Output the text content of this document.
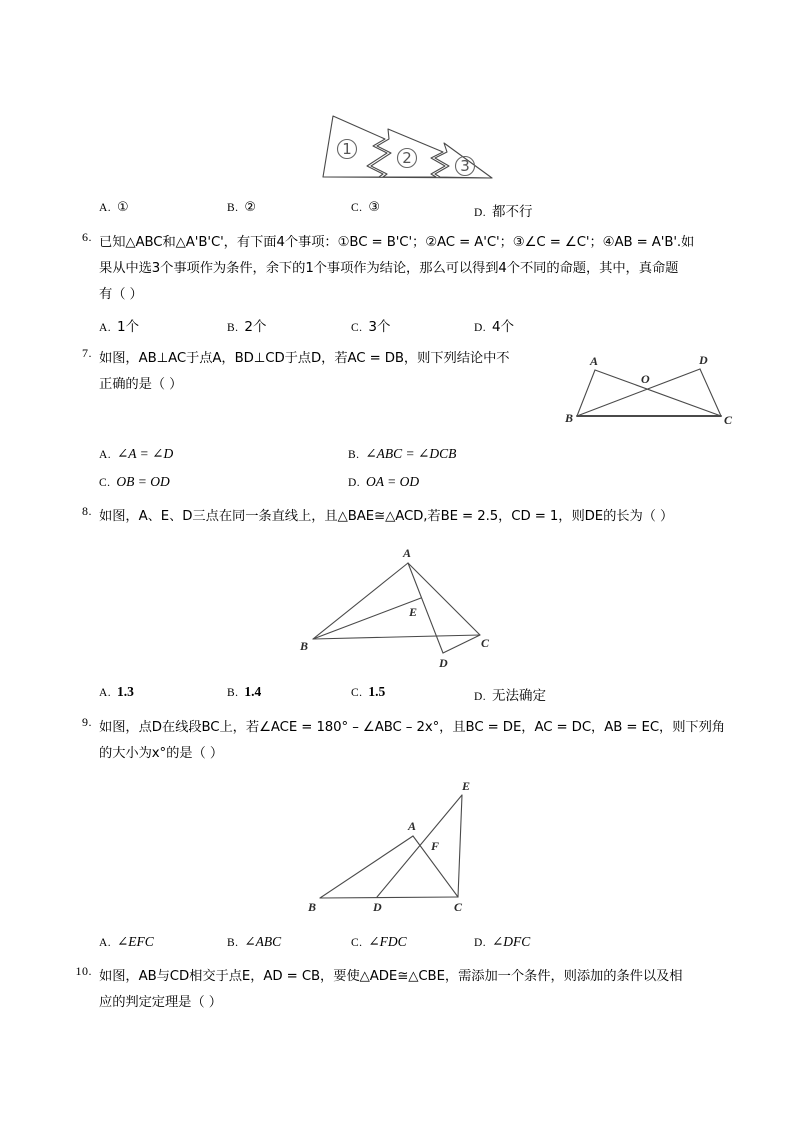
1	2	3
A. ①	B. ②	C. ③	D. 都不行
6. 已知△ABC和△A'B'C'，有下面4个事项：①BC = B'C'；②AC = A'C'；③∠C = ∠C'；④AB = A'B'.如
果从中选3个事项作为条件，余下的1个事项作为结论，那么可以得到4个不同的命题，其中，真命题
有（ ）
A. 1个	B. 2个	C. 3个	D. 4个
7. 如图，AB⊥AC于点A，BD⊥CD于点D，若AC = DB，则下列结论中不
正确的是（ ）
A	D
O
B	C
A. ∠A = ∠D	B. ∠ABC = ∠DCB
C. OB = OD	D. OA = OD
8. 如图，A、E、D三点在同一条直线上，且△BAE≅△ACD,若BE = 2.5，CD = 1，则DE的长为（ ）
A
E
B
D
C
A. 1.3	B. 1.4	C. 1.5	D. 无法确定
9. 如图，点D在线段BC上，若∠ACE = 180° – ∠ABC – 2x°，且BC = DE，AC = DC，AB = EC，则下列角
的大小为x°的是（ ）
E
A
F
B	D	C
A. ∠EFC	B. ∠ABC	C. ∠FDC	D. ∠DFC
10. 如图，AB与CD相交于点E，AD = CB，要使△ADE≅△CBE，需添加一个条件，则添加的条件以及相
应的判定定理是（ ）
